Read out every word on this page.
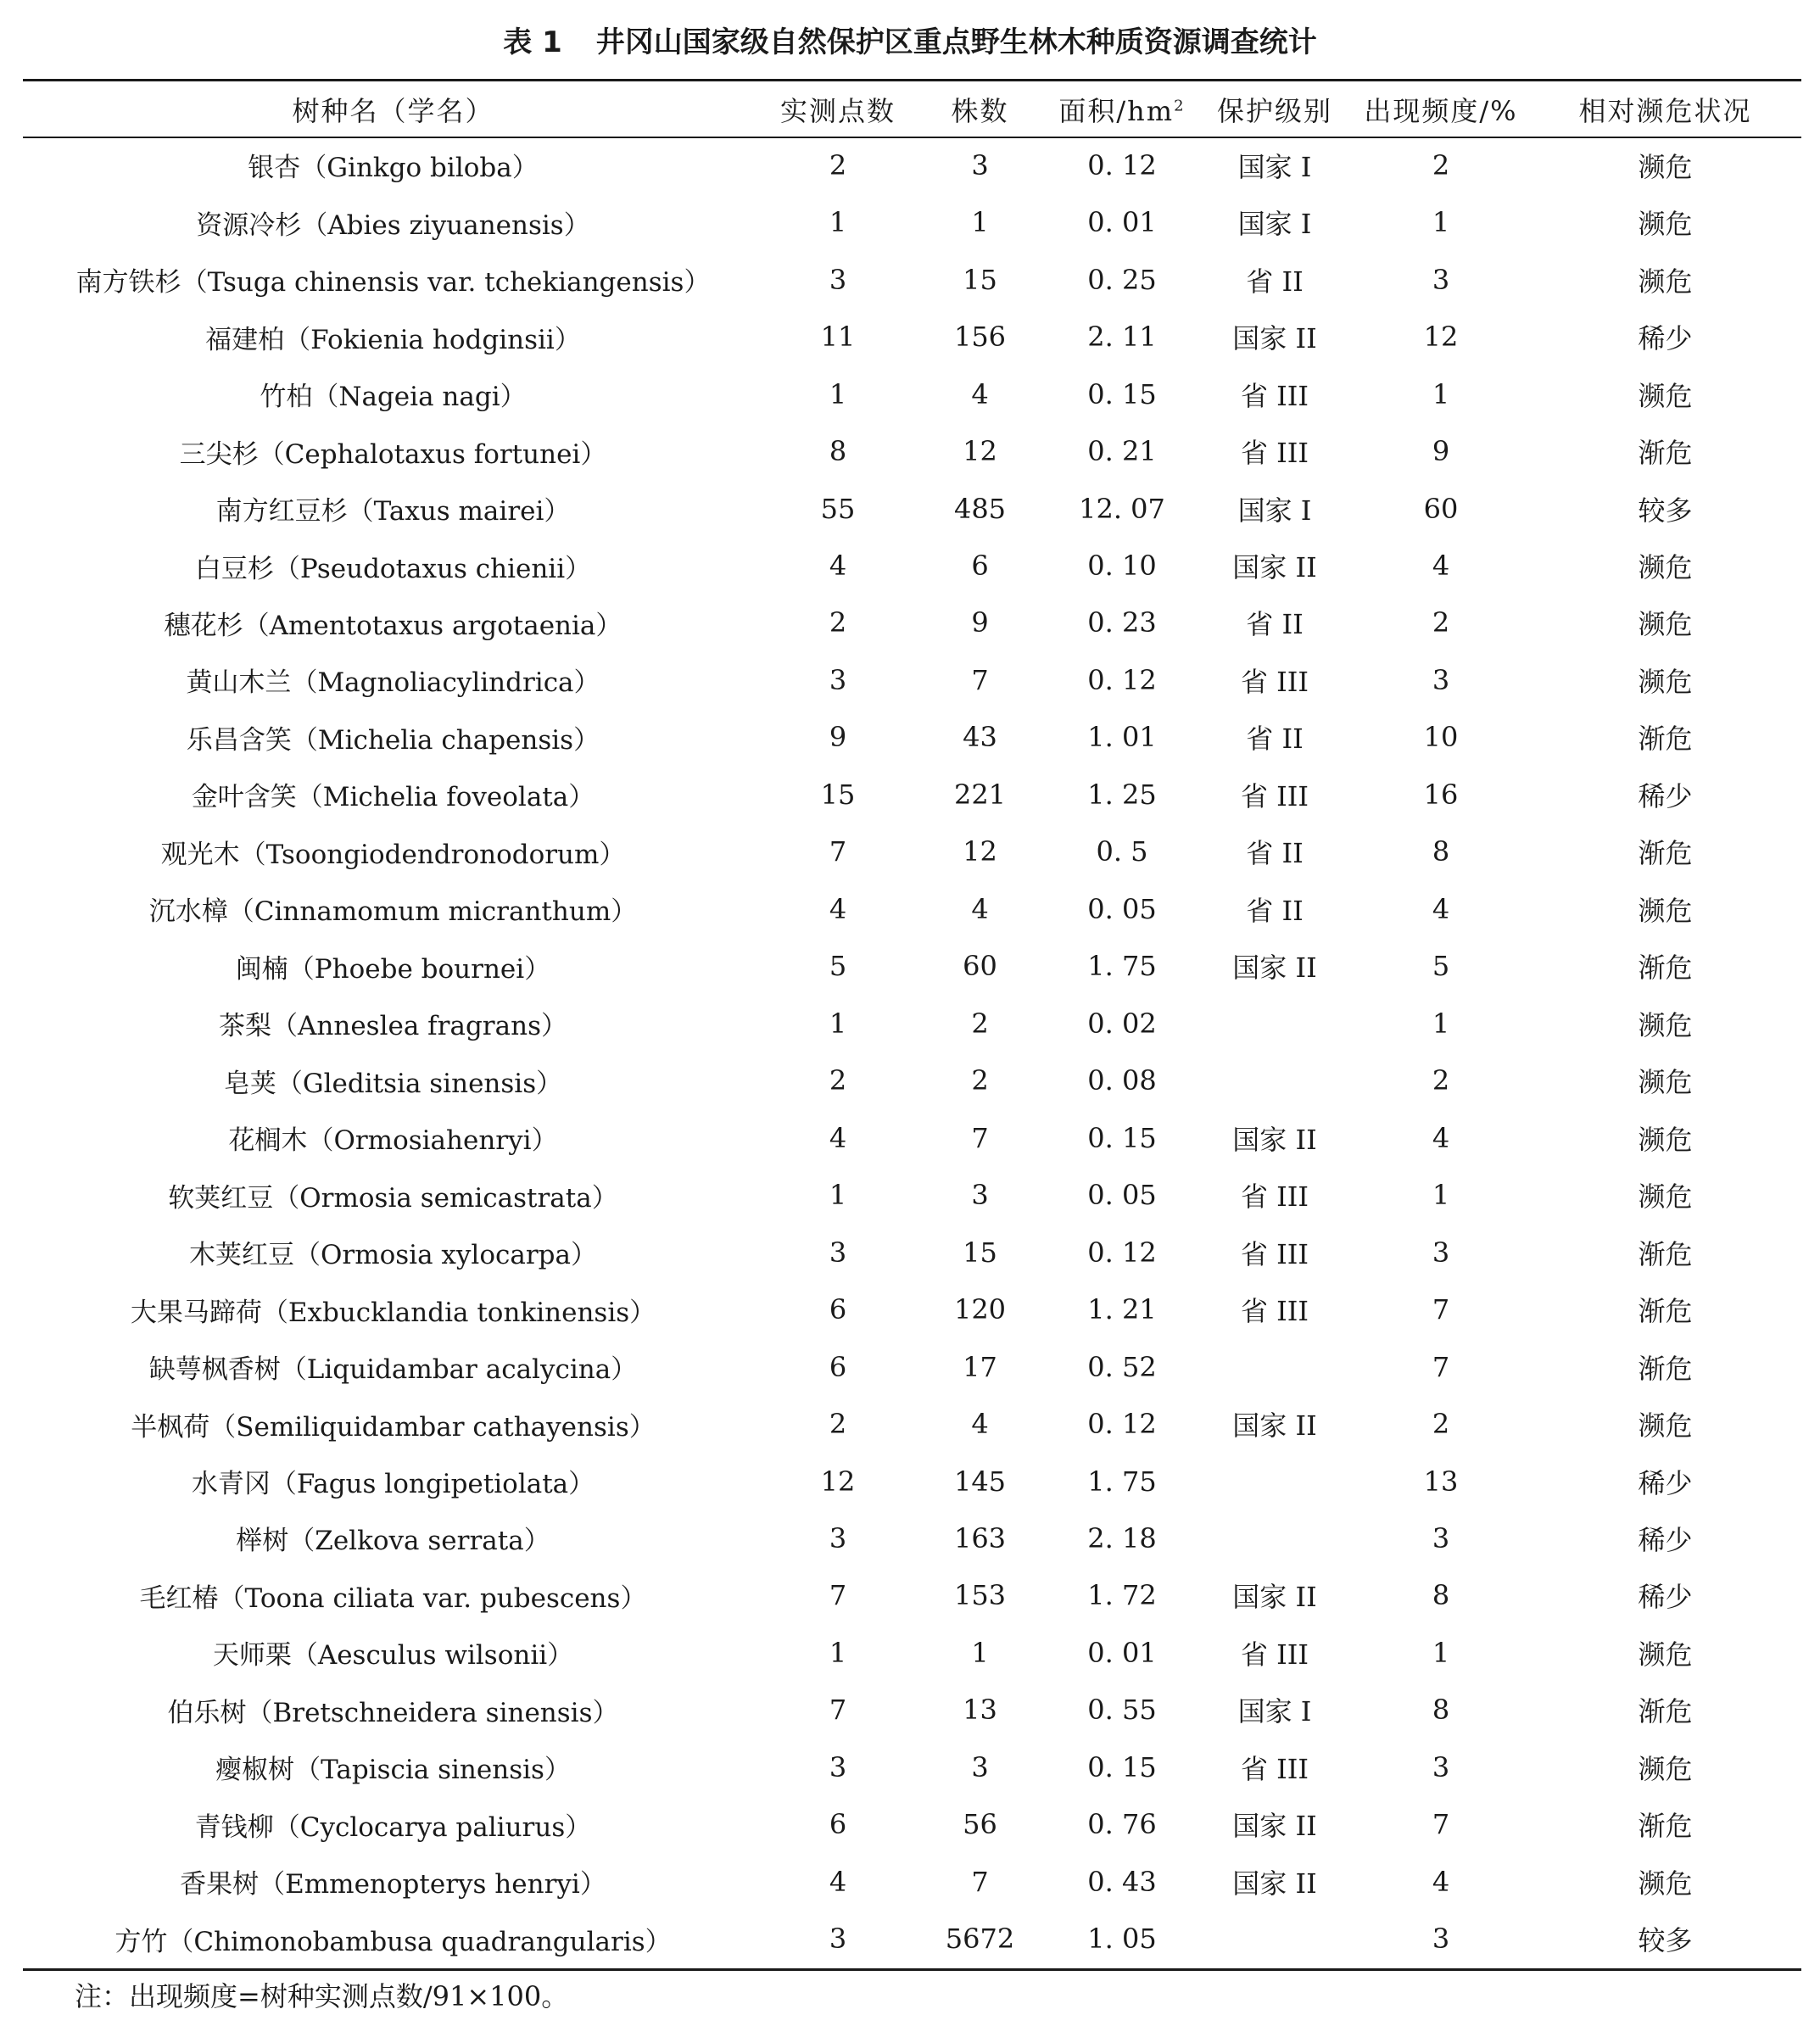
表 1 井冈山国家级自然保护区重点野生林木种质资源调查统计
树种名（学名）	实测点数	株数	面积$/hm^2$	保护级别	出现频度/%	相对濒危状况
银杏（Ginkgo biloba）	2	3	0. 12	国家 I	2	濒危
资源冷杉（Abies ziyuanensis）	1	1	0. 01	国家 I	1	濒危
南方铁杉（Tsuga chinensis var. tchekiangensis）	3	15	0. 25	省 II	3	濒危
福建柏（Fokienia hodginsii）	11	156	2. 11	国家 II	12	稀少
竹柏（Nageia nagi）	1	4	0. 15	省 III	1	濒危
三尖杉（Cephalotaxus fortunei）	8	12	0. 21	省 III	9	渐危
南方红豆杉（Taxus mairei）	55	485	12. 07	国家 I	60	较多
白豆杉（Pseudotaxus chienii）	4	6	0. 10	国家 II	4	濒危
穗花杉（Amentotaxus argotaenia）	2	9	0. 23	省 II	2	濒危
黄山木兰（Magnoliacylindrica）	3	7	0. 12	省 III	3	濒危
乐昌含笑（Michelia chapensis）	9	43	1. 01	省 II	10	渐危
金叶含笑（Michelia foveolata）	15	221	1. 25	省 III	16	稀少
观光木（Tsoongiodendronodorum）	7	12	0. 5	省 II	8	渐危
沉水樟（Cinnamomum micranthum）	4	4	0. 05	省 II	4	濒危
闽楠（Phoebe bournei）	5	60	1. 75	国家 II	5	渐危
茶梨（Anneslea fragrans）	1	2	0. 02		1	濒危
皂荚（Gleditsia sinensis）	2	2	0. 08		2	濒危
花榈木（Ormosiahenryi）	4	7	0. 15	国家 II	4	濒危
软荚红豆（Ormosia semicastrata）	1	3	0. 05	省 III	1	濒危
木荚红豆（Ormosia xylocarpa）	3	15	0. 12	省 III	3	渐危
大果马蹄荷（Exbucklandia tonkinensis）	6	120	1. 21	省 III	7	渐危
缺萼枫香树（Liquidambar acalycina）	6	17	0. 52		7	渐危
半枫荷（Semiliquidambar cathayensis）	2	4	0. 12	国家 II	2	濒危
水青冈（Fagus longipetiolata）	12	145	1. 75		13	稀少
榉树（Zelkova serrata）	3	163	2. 18		3	稀少
毛红椿（Toona ciliata var. pubescens）	7	153	1. 72	国家 II	8	稀少
天师栗（Aesculus wilsonii）	1	1	0. 01	省 III	1	濒危
伯乐树（Bretschneidera sinensis）	7	13	0. 55	国家 I	8	渐危
瘿椒树（Tapiscia sinensis）	3	3	0. 15	省 III	3	濒危
青钱柳（Cyclocarya paliurus）	6	56	0. 76	国家 II	7	渐危
香果树（Emmenopterys henryi）	4	7	0. 43	国家 II	4	濒危
方竹（Chimonobambusa quadrangularis）	3	5672	1. 05		3	较多
注：出现频度=树种实测点数/91×100。
